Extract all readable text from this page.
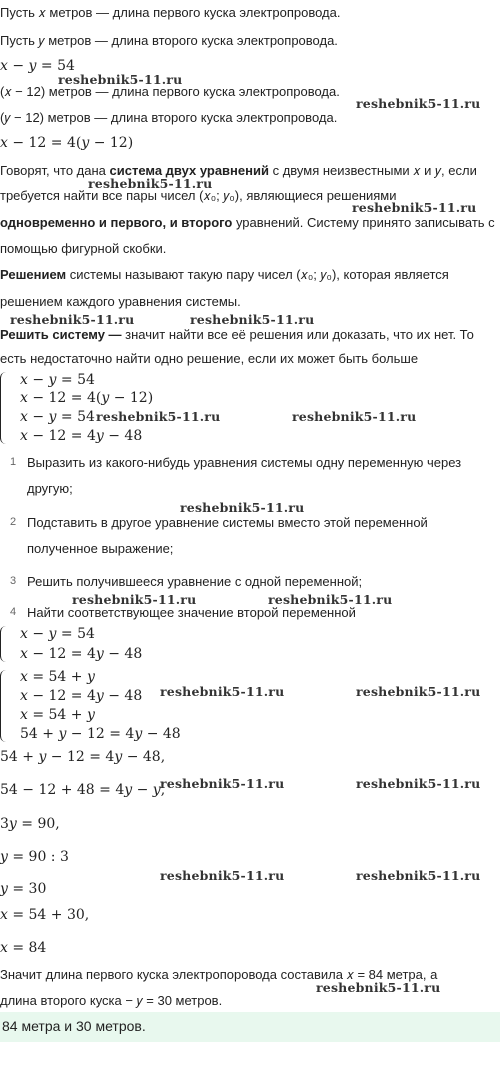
Пусть 𝑥 метров — длина первого куска электропровода.
Пусть 𝑦 метров — длина второго куска электропровода.
𝑥 − 𝑦 = 54
(𝑥 − 12) метров — длина первого куска электропровода.
(𝑦 − 12) метров — длина второго куска электропровода.
𝑥 − 12 = 4(𝑦 − 12)
Говорят, что дана система двух уравнений с двумя неизвестными 𝑥 и 𝑦, если
требуется найти все пары чисел (𝑥₀; 𝑦₀), являющиеся решениями
одновременно и первого, и второго уравнений. Систему принято записывать с
помощью фигурной скобки.
Решением системы называют такую пару чисел (𝑥₀; 𝑦₀), которая является
решением каждого уравнения системы.
Решить систему — значит найти все её решения или доказать, что их нет. То
есть недостаточно найти одно решение, если их может быть больше
𝑥 − 𝑦 = 54
𝑥 − 12 = 4(𝑦 − 12)
𝑥 − 𝑦 = 54
𝑥 − 12 = 4𝑦 − 48
1 Выразить из какого-нибудь уравнения системы одну переменную через
другую;
2 Подставить в другое уравнение системы вместо этой переменной
полученное выражение;
3 Решить получившееся уравнение с одной переменной;
4 Найти соответствующее значение второй переменной
𝑥 − 𝑦 = 54
𝑥 − 12 = 4𝑦 − 48
𝑥 = 54 + 𝑦
𝑥 − 12 = 4𝑦 − 48
𝑥 = 54 + 𝑦
54 + 𝑦 − 12 = 4𝑦 − 48
54 + 𝑦 − 12 = 4𝑦 − 48,
54 − 12 + 48 = 4𝑦 − 𝑦,
3𝑦 = 90,
𝑦 = 90 : 3
𝑦 = 30
𝑥 = 54 + 30,
𝑥 = 84
Значит длина первого куска электропоровода составила 𝑥 = 84 метра, а
длина второго куска − 𝑦 = 30 метров.
84 метра и 30 метров.
reshebnik5-11.ru
reshebnik5-11.ru
reshebnik5-11.ru
reshebnik5-11.ru
reshebnik5-11.ru	reshebnik5-11.ru
reshebnik5-11.ru	reshebnik5-11.ru
reshebnik5-11.ru
reshebnik5-11.ru	reshebnik5-11.ru
reshebnik5-11.ru	reshebnik5-11.ru
reshebnik5-11.ru	reshebnik5-11.ru
reshebnik5-11.ru	reshebnik5-11.ru
reshebnik5-11.ru
